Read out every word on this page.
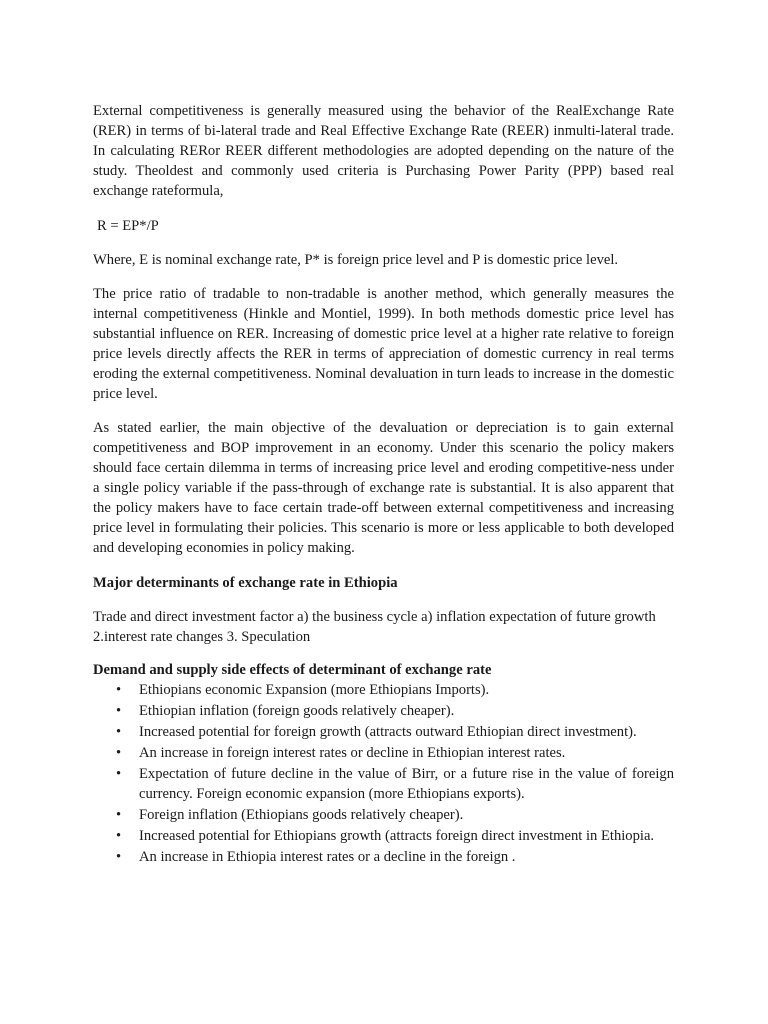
External competitiveness is generally measured using the behavior of the RealExchange Rate (RER) in terms of bi-lateral trade and Real Effective Exchange Rate (REER) inmulti-lateral trade. In calculating RERor REER different methodologies are adopted depending on the nature of the study. Theoldest and commonly used criteria is Purchasing Power Parity (PPP) based real exchange rateformula,

R = EP*/P

Where, E is nominal exchange rate, P* is foreign price level and P is domestic price level.

The price ratio of tradable to non-tradable is another method, which generally measures the internal competitiveness (Hinkle and Montiel, 1999). In both methods domestic price level has substantial influence on RER. Increasing of domestic price level at a higher rate relative to foreign price levels directly affects the RER in terms of appreciation of domestic currency in real terms eroding the external competitiveness. Nominal devaluation in turn leads to increase in the domestic price level.

As stated earlier, the main objective of the devaluation or depreciation is to gain external competitiveness and BOP improvement in an economy. Under this scenario the policy makers should face certain dilemma in terms of increasing price level and eroding competitive-ness under a single policy variable if the pass-through of exchange rate is substantial. It is also apparent that the policy makers have to face certain trade-off between external competitiveness and increasing price level in formulating their policies. This scenario is more or less applicable to both developed and developing economies in policy making.

Major determinants of exchange rate in Ethiopia

Trade and direct investment factor a) the business cycle a) inflation expectation of future growth 2.interest rate changes 3. Speculation

Demand and supply side effects of determinant of exchange rate

• Ethiopians economic Expansion (more Ethiopians Imports).
• Ethiopian inflation (foreign goods relatively cheaper).
• Increased potential for foreign growth (attracts outward Ethiopian direct investment).
• An increase in foreign interest rates or decline in Ethiopian interest rates.
• Expectation of future decline in the value of Birr, or a future rise in the value of foreign currency. Foreign economic expansion (more Ethiopians exports).
• Foreign inflation (Ethiopians goods relatively cheaper).
• Increased potential for Ethiopians growth (attracts foreign direct investment in Ethiopia.
• An increase in Ethiopia interest rates or a decline in the foreign .
